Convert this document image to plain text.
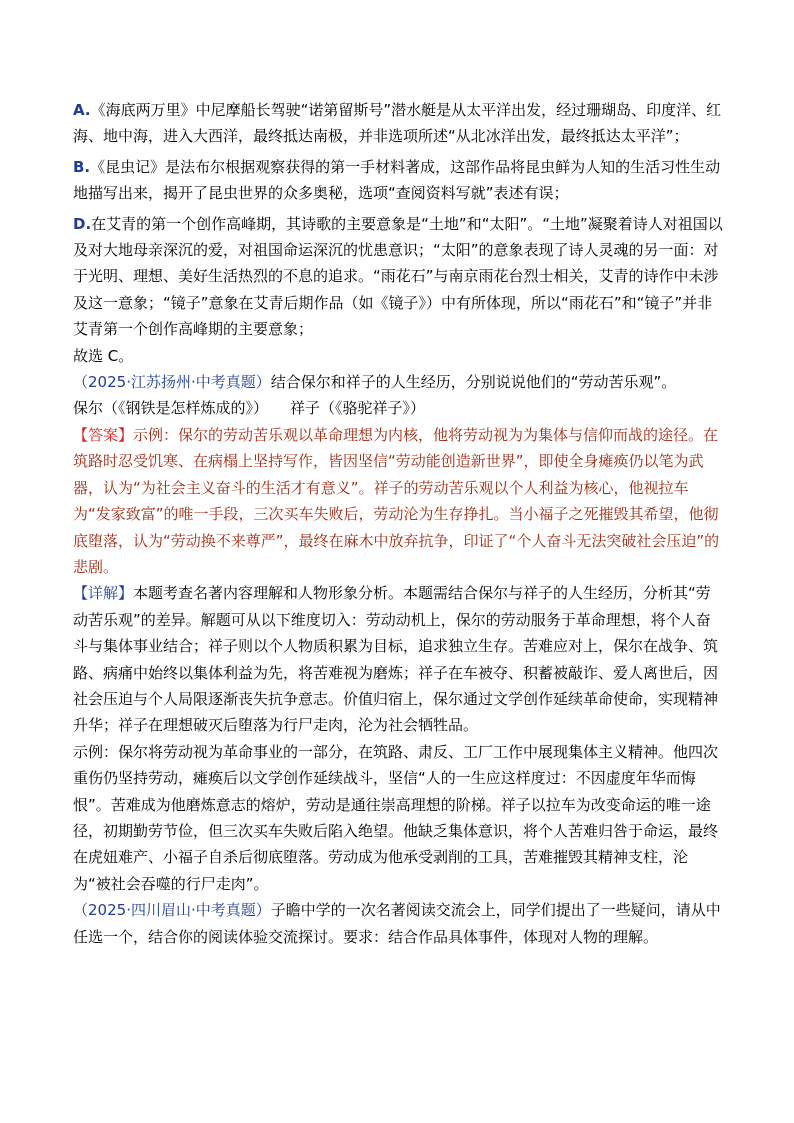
A.《海底两万里》中尼摩船长驾驶“诺第留斯号”潜水艇是从太平洋出发，经过珊瑚岛、印度洋、红海、地中海，进入大西洋，最终抵达南极，并非选项所述“从北冰洋出发，最终抵达太平洋”；

B.《昆虫记》是法布尔根据观察获得的第一手材料著成，这部作品将昆虫鲜为人知的生活习性生动地描写出来，揭开了昆虫世界的众多奥秘，选项“查阅资料写就”表述有误；

D.在艾青的第一个创作高峰期，其诗歌的主要意象是“土地”和“太阳”。“土地”凝聚着诗人对祖国以及对大地母亲深沉的爱，对祖国命运深沉的忧患意识；“太阳”的意象表现了诗人灵魂的另一面：对于光明、理想、美好生活热烈的不息的追求。“雨花石”与南京雨花台烈士相关，艾青的诗作中未涉及这一意象；“镜子”意象在艾青后期作品（如《镜子》）中有所体现，所以“雨花石”和“镜子”并非艾青第一个创作高峰期的主要意象；

故选 C。

（2025·江苏扬州·中考真题）结合保尔和祥子的人生经历，分别说说他们的“劳动苦乐观”。

保尔（《钢铁是怎样炼成的》） 祥子（《骆驼祥子》）

【答案】示例：保尔的劳动苦乐观以革命理想为内核，他将劳动视为为集体与信仰而战的途径。在筑路时忍受饥寒、在病榻上坚持写作，皆因坚信“劳动能创造新世界”，即使全身瘫痪仍以笔为武器，认为“为社会主义奋斗的生活才有意义”。祥子的劳动苦乐观以个人利益为核心，他视拉车为“发家致富”的唯一手段，三次买车失败后，劳动沦为生存挣扎。当小福子之死摧毁其希望，他彻底堕落，认为“劳动换不来尊严”，最终在麻木中放弃抗争，印证了“个人奋斗无法突破社会压迫”的悲剧。

【详解】本题考查名著内容理解和人物形象分析。本题需结合保尔与祥子的人生经历，分析其“劳动苦乐观”的差异。解题可从以下维度切入：劳动动机上，保尔的劳动服务于革命理想，将个人奋斗与集体事业结合；祥子则以个人物质积累为目标，追求独立生存。苦难应对上，保尔在战争、筑路、病痛中始终以集体利益为先，将苦难视为磨炼；祥子在车被夺、积蓄被敲诈、爱人离世后，因社会压迫与个人局限逐渐丧失抗争意志。价值归宿上，保尔通过文学创作延续革命使命，实现精神升华；祥子在理想破灭后堕落为行尸走肉，沦为社会牺牲品。

示例：保尔将劳动视为革命事业的一部分，在筑路、肃反、工厂工作中展现集体主义精神。他四次重伤仍坚持劳动，瘫痪后以文学创作延续战斗，坚信“人的一生应这样度过：不因虚度年华而悔恨”。苦难成为他磨炼意志的熔炉，劳动是通往崇高理想的阶梯。祥子以拉车为改变命运的唯一途径，初期勤劳节俭，但三次买车失败后陷入绝望。他缺乏集体意识，将个人苦难归咎于命运，最终在虎妞难产、小福子自杀后彻底堕落。劳动成为他承受剥削的工具，苦难摧毁其精神支柱，沦为“被社会吞噬的行尸走肉”。

（2025·四川眉山·中考真题）子瞻中学的一次名著阅读交流会上，同学们提出了一些疑问，请从中任选一个，结合你的阅读体验交流探讨。要求：结合作品具体事件，体现对人物的理解。
